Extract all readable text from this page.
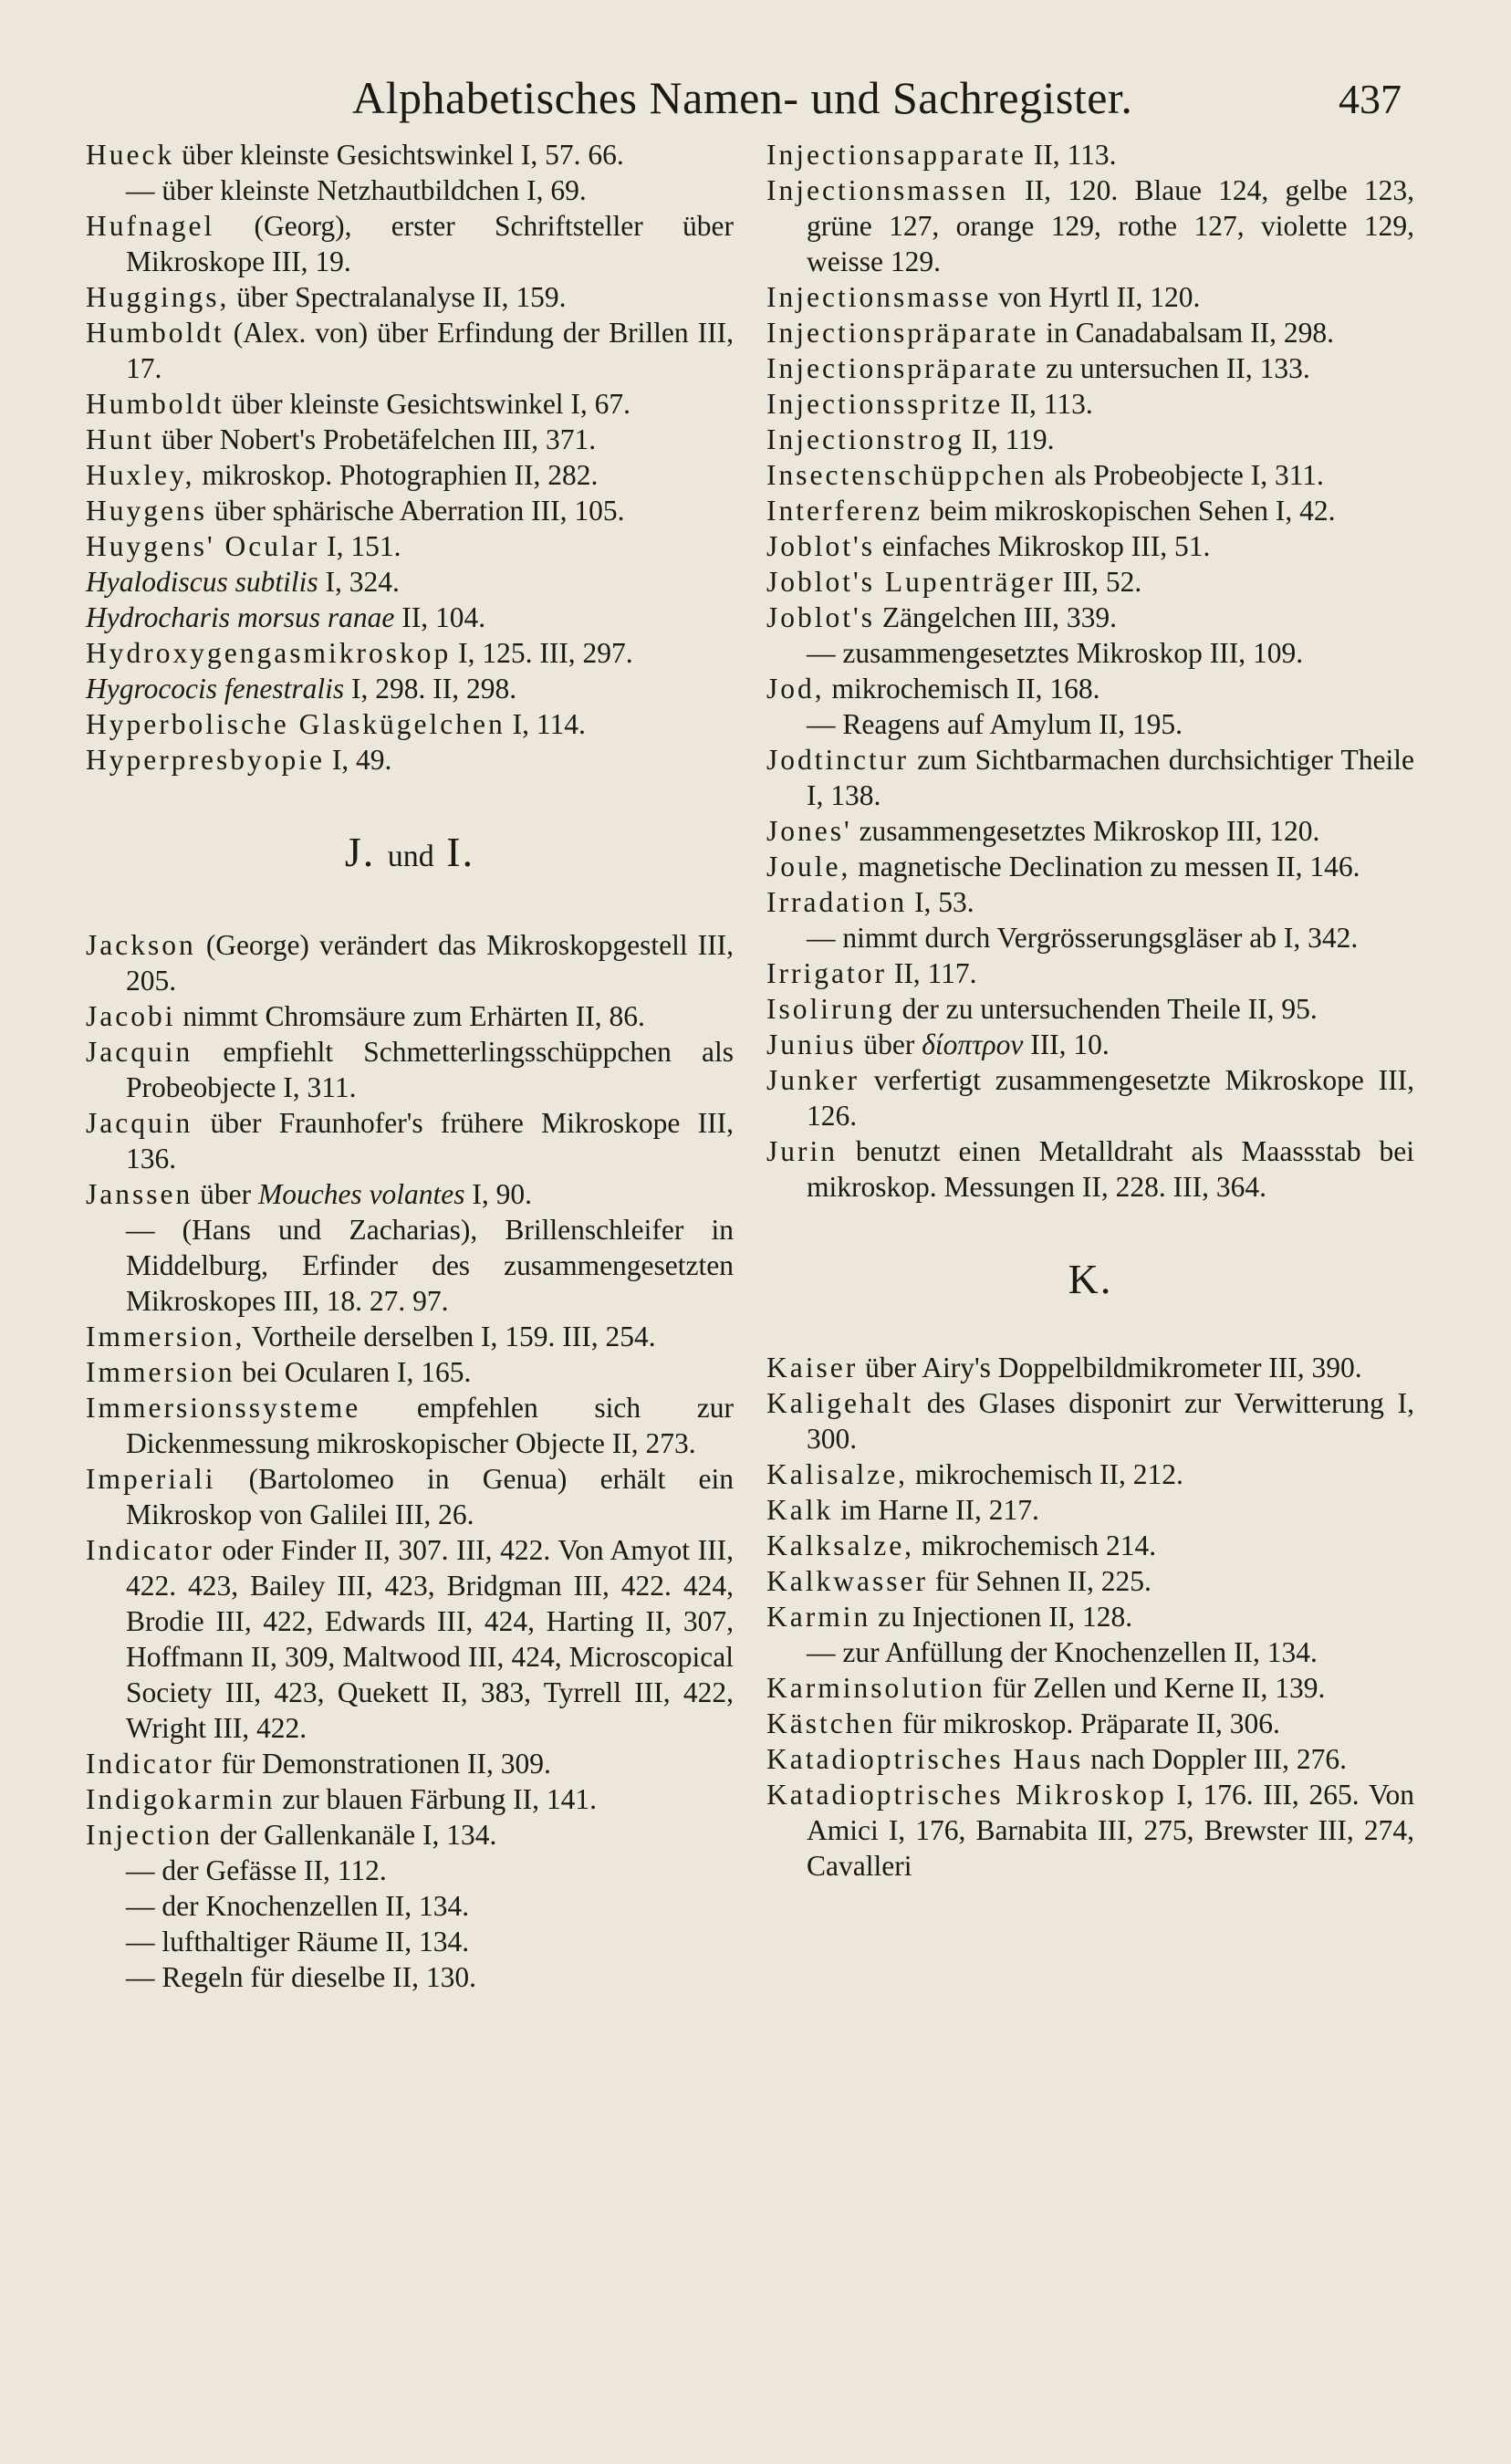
Alphabetisches Namen- und Sachregister.	437

Hueck über kleinste Gesichtswinkel I, 57. 66.

— über kleinste Netzhautbildchen I, 69.

Hufnagel (Georg), erster Schriftsteller über Mikroskope III, 19.

Huggings, über Spectralanalyse II, 159.

Humboldt (Alex. von) über Erfindung der Brillen III, 17.

Humboldt über kleinste Gesichtswinkel I, 67.

Hunt über Nobert's Probetäfelchen III, 371.

Huxley, mikroskop. Photographien II, 282.

Huygens über sphärische Aberration III, 105.

Huygens' Ocular I, 151.

Hyalodiscus subtilis I, 324.

Hydrocharis morsus ranae II, 104.

Hydroxygengasmikroskop I, 125. III, 297.

Hygrococis fenestralis I, 298. II, 298.

Hyperbolische Glaskügelchen I, 114.

Hyperpresbyopie I, 49.

J. und I.

Jackson (George) verändert das Mikroskopgestell III, 205.

Jacobi nimmt Chromsäure zum Erhärten II, 86.

Jacquin empfiehlt Schmetterlingsschüppchen als Probeobjecte I, 311.

Jacquin über Fraunhofer's frühere Mikroskope III, 136.

Janssen über Mouches volantes I, 90.

— (Hans und Zacharias), Brillenschleifer in Middelburg, Erfinder des zusammengesetzten Mikroskopes III, 18. 27. 97.

Immersion, Vortheile derselben I, 159. III, 254.

Immersion bei Ocularen I, 165.

Immersionssysteme empfehlen sich zur Dickenmessung mikroskopischer Objecte II, 273.

Imperiali (Bartolomeo in Genua) erhält ein Mikroskop von Galilei III, 26.

Indicator oder Finder II, 307. III, 422. Von Amyot III, 422. 423, Bailey III, 423, Bridgman III, 422. 424, Brodie III, 422, Edwards III, 424, Harting II, 307, Hoffmann II, 309, Maltwood III, 424, Microscopical Society III, 423, Quekett II, 383, Tyrrell III, 422, Wright III, 422.

Indicator für Demonstrationen II, 309.

Indigokarmin zur blauen Färbung II, 141.

Injection der Gallenkanäle I, 134.

— der Gefässe II, 112.

— der Knochenzellen II, 134.

— lufthaltiger Räume II, 134.

— Regeln für dieselbe II, 130.

Injectionsapparate II, 113.

Injectionsmassen II, 120. Blaue 124, gelbe 123, grüne 127, orange 129, rothe 127, violette 129, weisse 129.

Injectionsmasse von Hyrtl II, 120.

Injectionspräparate in Canadabalsam II, 298.

Injectionspräparate zu untersuchen II, 133.

Injectionsspritze II, 113.

Injectionstrog II, 119.

Insectenschüppchen als Probeobjecte I, 311.

Interferenz beim mikroskopischen Sehen I, 42.

Joblot's einfaches Mikroskop III, 51.

Joblot's Lupenträger III, 52.

Joblot's Zängelchen III, 339.

— zusammengesetztes Mikroskop III, 109.

Jod, mikrochemisch II, 168.

— Reagens auf Amylum II, 195.

Jodtinctur zum Sichtbarmachen durchsichtiger Theile I, 138.

Jones' zusammengesetztes Mikroskop III, 120.

Joule, magnetische Declination zu messen II, 146.

Irradation I, 53.

— nimmt durch Vergrösserungsgläser ab I, 342.

Irrigator II, 117.

Isolirung der zu untersuchenden Theile II, 95.

Junius über δίοπτρον III, 10.

Junker verfertigt zusammengesetzte Mikroskope III, 126.

Jurin benutzt einen Metalldraht als Maassstab bei mikroskop. Messungen II, 228. III, 364.

K.

Kaiser über Airy's Doppelbildmikrometer III, 390.

Kaligehalt des Glases disponirt zur Verwitterung I, 300.

Kalisalze, mikrochemisch II, 212.

Kalk im Harne II, 217.

Kalksalze, mikrochemisch 214.

Kalkwasser für Sehnen II, 225.

Karmin zu Injectionen II, 128.

— zur Anfüllung der Knochenzellen II, 134.

Karminsolution für Zellen und Kerne II, 139.

Kästchen für mikroskop. Präparate II, 306.

Katadioptrisches Haus nach Doppler III, 276.

Katadioptrisches Mikroskop I, 176. III, 265. Von Amici I, 176, Barnabita III, 275, Brewster III, 274, Cavalleri
